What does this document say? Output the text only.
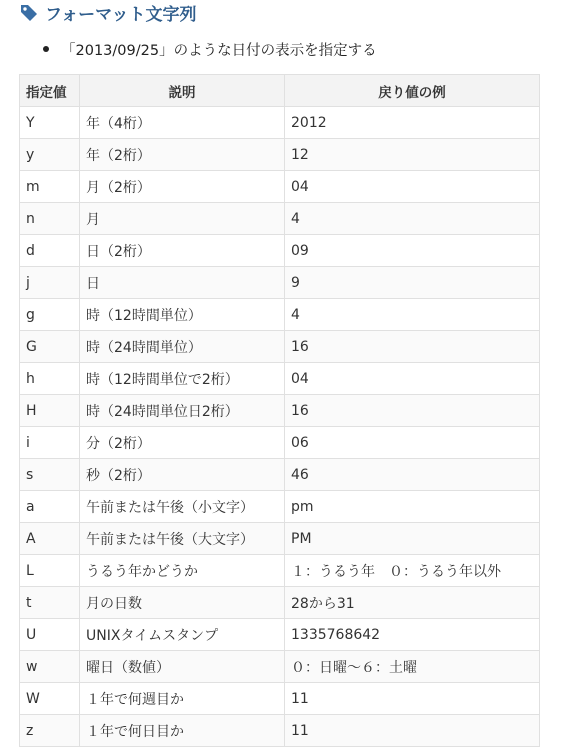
フォーマット文字列
「2013/09/25」のような日付の表示を指定する
指定値	説明	戻り値の例
Y	年（4桁）	2012
y	年（2桁）	12
m	月（2桁）	04
n	月	4
d	日（2桁）	09
j	日	9
g	時（12時間単位）	4
G	時（24時間単位）	16
h	時（12時間単位で2桁）	04
H	時（24時間単位日2桁）	16
i	分（2桁）	06
s	秒（2桁）	46
a	午前または午後（小文字）	pm
A	午前または午後（大文字）	PM
L	うるう年かどうか	１：うるう年　０：うるう年以外
t	月の日数	28から31
U	UNIXタイムスタンプ	1335768642
w	曜日（数値）	０：日曜〜６：土曜
W	１年で何週目か	11
z	１年で何日目か	11
